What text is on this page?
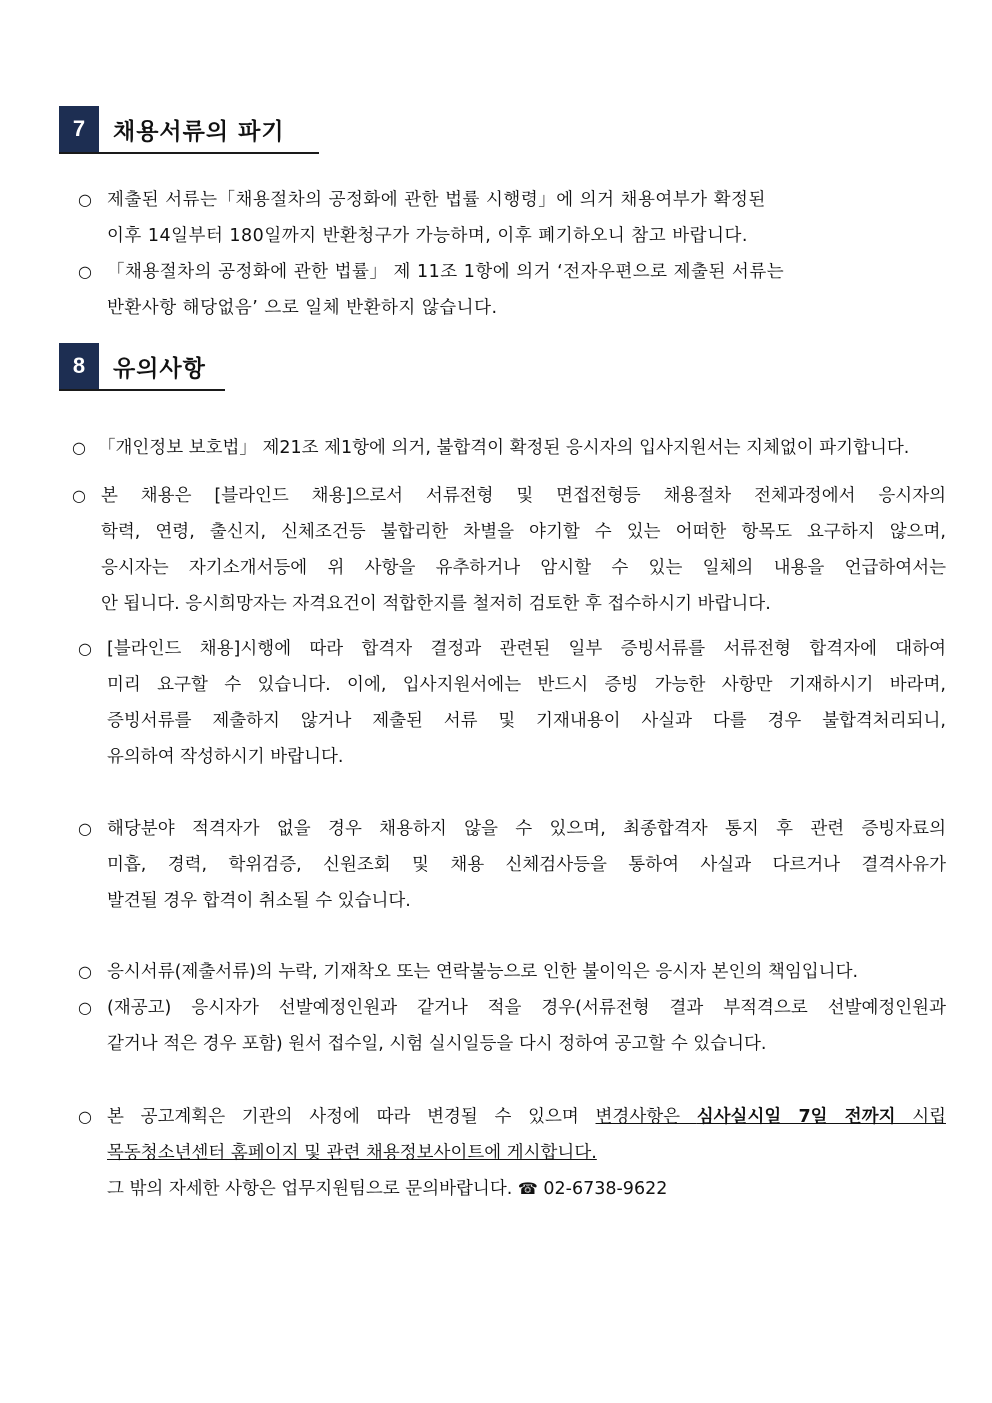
7	채용서류의 파기
○ 제출된 서류는「채용절차의 공정화에 관한 법률 시행령」에 의거 채용여부가 확정된
이후 14일부터 180일까지 반환청구가 가능하며, 이후 폐기하오니 참고 바랍니다.
○ 「채용절차의 공정화에 관한 법률」 제 11조 1항에 의거 ‘전자우편으로 제출된 서류는
반환사항 해당없음’ 으로 일체 반환하지 않습니다.
8	유의사항
○ 「개인정보 보호법」 제21조 제1항에 의거, 불합격이 확정된 응시자의 입사지원서는 지체없이 파기합니다.
○ 본 채용은 [블라인드 채용]으로서 서류전형 및 면접전형등 채용절차 전체과정에서 응시자의
학력, 연령, 출신지, 신체조건등 불합리한 차별을 야기할 수 있는 어떠한 항목도 요구하지 않으며,
응시자는 자기소개서등에 위 사항을 유추하거나 암시할 수 있는 일체의 내용을 언급하여서는
안 됩니다. 응시희망자는 자격요건이 적합한지를 철저히 검토한 후 접수하시기 바랍니다.
○ [블라인드 채용]시행에 따라 합격자 결정과 관련된 일부 증빙서류를 서류전형 합격자에 대하여
미리 요구할 수 있습니다. 이에, 입사지원서에는 반드시 증빙 가능한 사항만 기재하시기 바라며,
증빙서류를 제출하지 않거나 제출된 서류 및 기재내용이 사실과 다를 경우 불합격처리되니,
유의하여 작성하시기 바랍니다.
○ 해당분야 적격자가 없을 경우 채용하지 않을 수 있으며, 최종합격자 통지 후 관련 증빙자료의
미흡, 경력, 학위검증, 신원조회 및 채용 신체검사등을 통하여 사실과 다르거나 결격사유가
발견될 경우 합격이 취소될 수 있습니다.
○ 응시서류(제출서류)의 누락, 기재착오 또는 연락불능으로 인한 불이익은 응시자 본인의 책임입니다.
○ (재공고) 응시자가 선발예정인원과 같거나 적을 경우(서류전형 결과 부적격으로 선발예정인원과
같거나 적은 경우 포함) 원서 접수일, 시험 실시일등을 다시 정하여 공고할 수 있습니다.
○ 본 공고계획은 기관의 사정에 따라 변경될 수 있으며 변경사항은 심사실시일 7일 전까지 시립
목동청소년센터 홈페이지 및 관련 채용정보사이트에 게시합니다.
그 밖의 자세한 사항은 업무지원팀으로 문의바랍니다. ☎ 02-6738-9622
